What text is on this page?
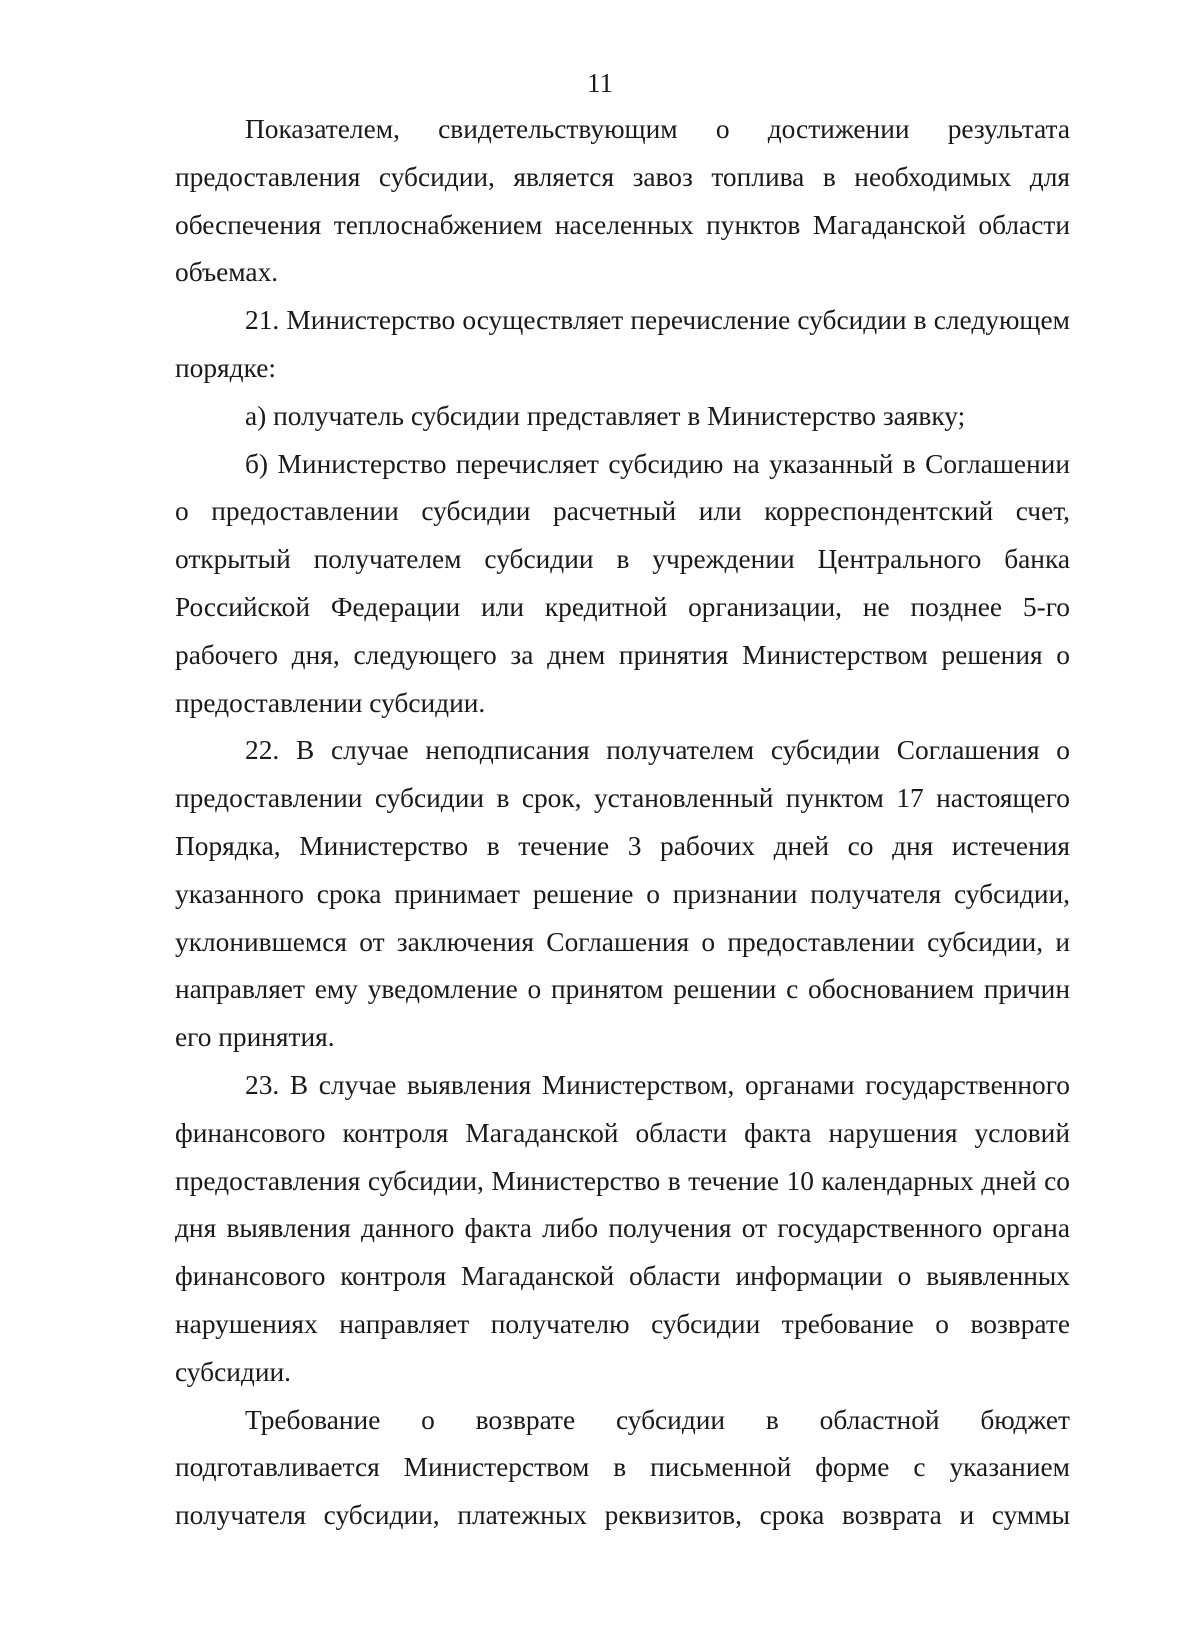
11

Показателем, свидетельствующим о достижении результата предоставления субсидии, является завоз топлива в необходимых для обеспечения теплоснабжением населенных пунктов Магаданской области объемах.

21. Министерство осуществляет перечисление субсидии в следующем порядке:

а) получатель субсидии представляет в Министерство заявку;

б) Министерство перечисляет субсидию на указанный в Соглашении о предоставлении субсидии расчетный или корреспондентский счет, открытый получателем субсидии в учреждении Центрального банка Российской Федерации или кредитной организации, не позднее 5-го рабочего дня, следующего за днем принятия Министерством решения о предоставлении субсидии.

22. В случае неподписания получателем субсидии Соглашения о предоставлении субсидии в срок, установленный пунктом 17 настоящего Порядка, Министерство в течение 3 рабочих дней со дня истечения указанного срока принимает решение о признании получателя субсидии, уклонившемся от заключения Соглашения о предоставлении субсидии, и направляет ему уведомление о принятом решении с обоснованием причин его принятия.

23. В случае выявления Министерством, органами государственного финансового контроля Магаданской области факта нарушения условий предоставления субсидии, Министерство в течение 10 календарных дней со дня выявления данного факта либо получения от государственного органа финансового контроля Магаданской области информации о выявленных нарушениях направляет получателю субсидии требование о возврате субсидии.

Требование о возврате субсидии в областной бюджет подготавливается Министерством в письменной форме с указанием получателя субсидии, платежных реквизитов, срока возврата и суммы
